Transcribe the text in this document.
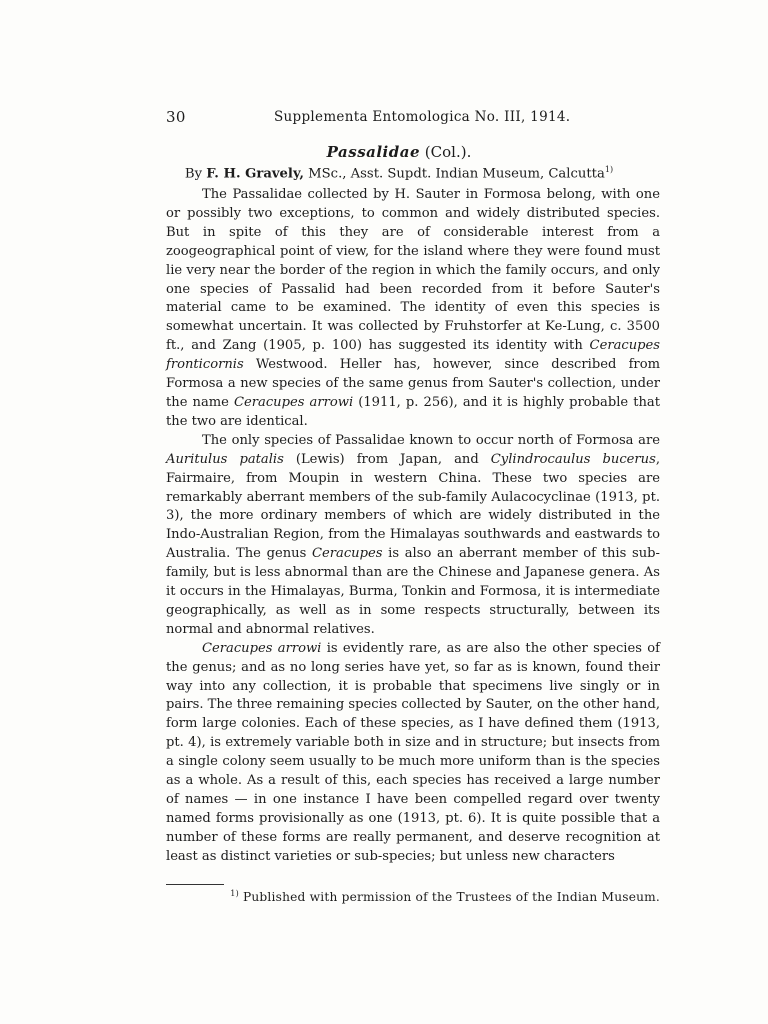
30	Supplementa Entomologica No. III, 1914.
Passalidae (Col.).
By F. H. Gravely, MSc., Asst. Supdt. Indian Museum, Calcutta$^{1)}$

The Passalidae collected by H. Sauter in Formosa belong, with one or possibly two exceptions, to common and widely distributed species. But in spite of this they are of considerable interest from a zoogeographical point of view, for the island where they were found must lie very near the border of the region in which the family occurs, and only one species of Passalid had been recorded from it before Sauter's material came to be examined. The identity of even this species is somewhat uncertain. It was collected by Fruhstorfer at Ke-Lung, c. 3500 ft., and Zang (1905, p. 100) has suggested its identity with Ceracupes fronticornis Westwood. Heller has, however, since described from Formosa a new species of the same genus from Sauter's collection, under the name Ceracupes arrowi (1911, p. 256), and it is highly probable that the two are identical.

The only species of Passalidae known to occur north of Formosa are Auritulus patalis (Lewis) from Japan, and Cylindrocaulus bucerus, Fairmaire, from Moupin in western China. These two species are remarkably aberrant members of the sub-family Aulacocyclinae (1913, pt. 3), the more ordinary members of which are widely distributed in the Indo-Australian Region, from the Himalayas southwards and eastwards to Australia. The genus Ceracupes is also an aberrant member of this sub-family, but is less abnormal than are the Chinese and Japanese genera. As it occurs in the Himalayas, Burma, Tonkin and Formosa, it is intermediate geographically, as well as in some respects structurally, between its normal and abnormal relatives.

Ceracupes arrowi is evidently rare, as are also the other species of the genus; and as no long series have yet, so far as is known, found their way into any collection, it is probable that specimens live singly or in pairs. The three remaining species collected by Sauter, on the other hand, form large colonies. Each of these species, as I have defined them (1913, pt. 4), is extremely variable both in size and in structure; but insects from a single colony seem usually to be much more uniform than is the species as a whole. As a result of this, each species has received a large number of names — in one instance I have been compelled regard over twenty named forms provisionally as one (1913, pt. 6). It is quite possible that a number of these forms are really permanent, and deserve recognition at least as distinct varieties or sub-species; but unless new characters

$^{1)}$ Published with permission of the Trustees of the Indian Museum.
